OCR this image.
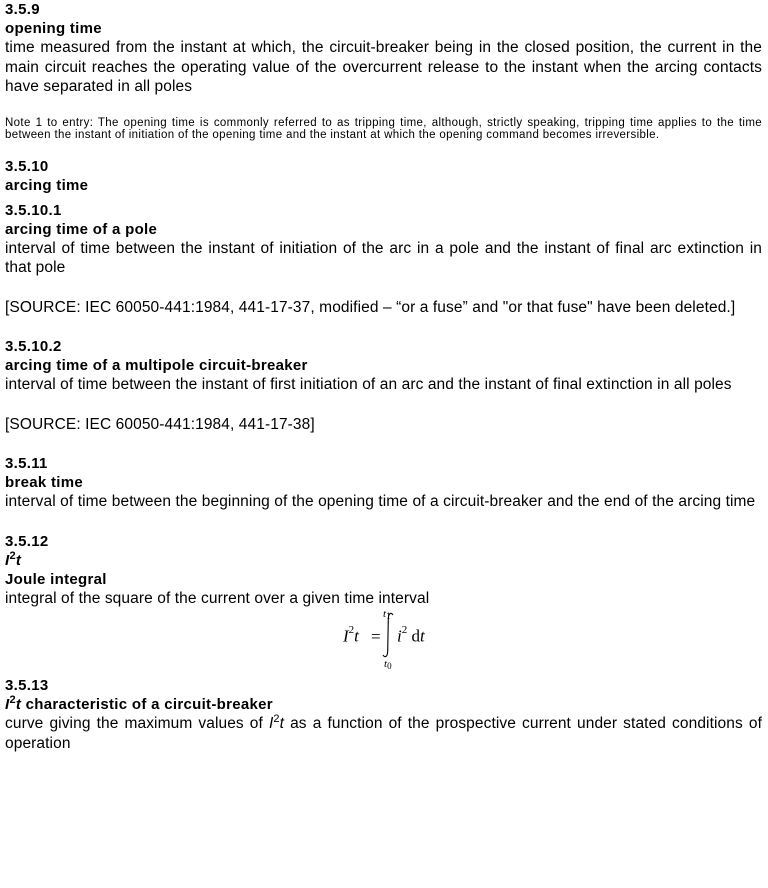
3.5.9

opening time

time measured from the instant at which, the circuit-breaker being in the closed position, the current in the main circuit reaches the operating value of the overcurrent release to the instant when the arcing contacts have separated in all poles

Note 1 to entry: The opening time is commonly referred to as tripping time, although, strictly speaking, tripping time applies to the time between the instant of initiation of the opening time and the instant at which the opening command becomes irreversible.

3.5.10

arcing time

3.5.10.1

arcing time of a pole

interval of time between the instant of initiation of the arc in a pole and the instant of final arc extinction in that pole

[SOURCE: IEC 60050-441:1984, 441-17-37, modified – “or a fuse” and "or that fuse" have been deleted.]

3.5.10.2

arcing time of a multipole circuit-breaker

interval of time between the instant of first initiation of an arc and the instant of final extinction in all poles

[SOURCE: IEC 60050-441:1984, 441-17-38]

3.5.11

break time

interval of time between the beginning of the opening time of a circuit-breaker and the end of the arcing time

3.5.12

$I^2t$

Joule integral

integral of the square of the current over a given time interval

$I^2t$ =
t1
t0
$i^2$ dt

3.5.13

$I^2t$ characteristic of a circuit-breaker

curve giving the maximum values of $I^2t$ as a function of the prospective current under stated conditions of operation
